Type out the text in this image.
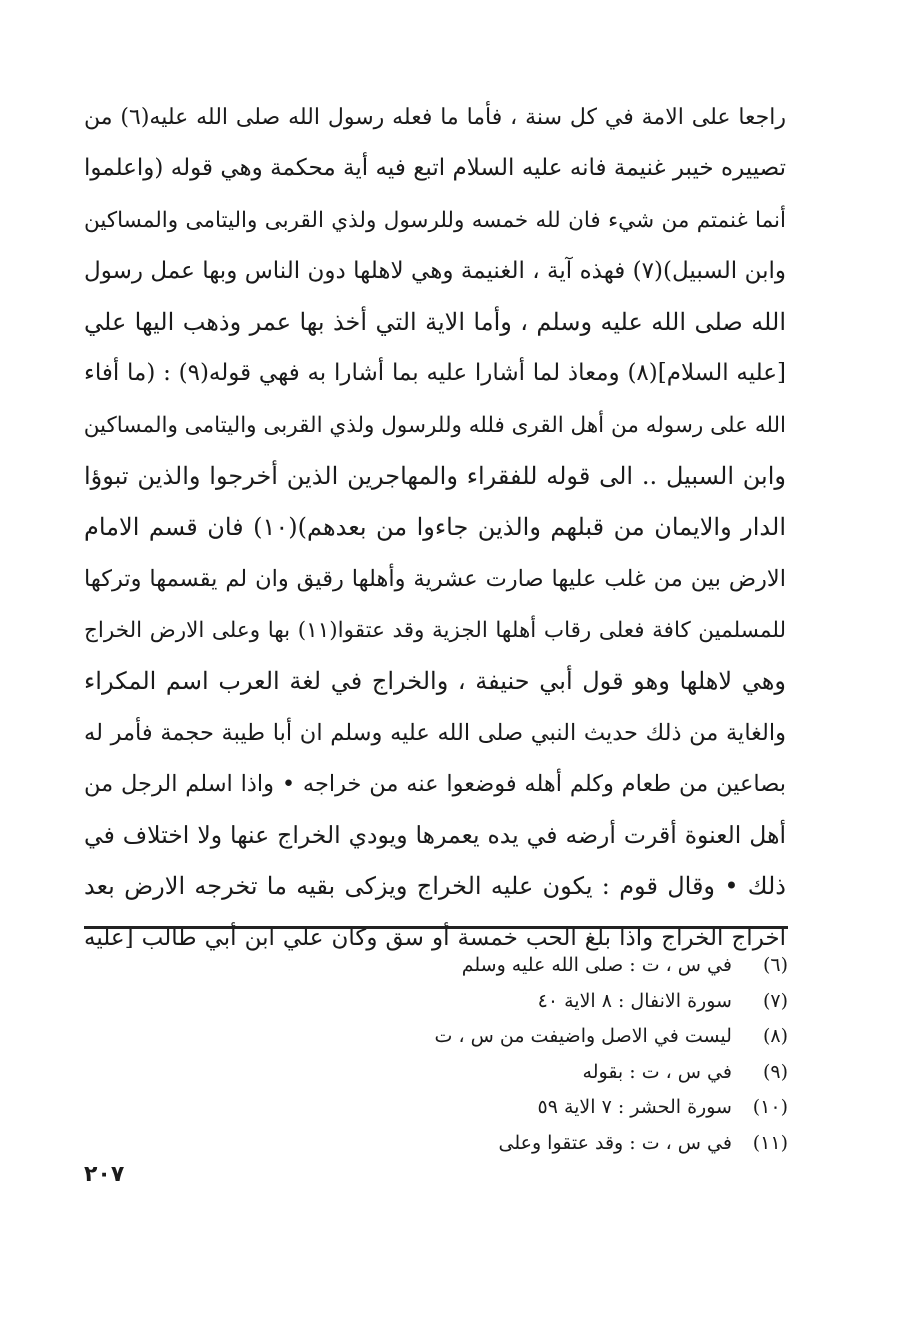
راجعا على الامة في كل سنة ، فأما ما فعله رسول الله صلى الله عليه(٦) من
تصييره خيبر غنيمة فانه عليه السلام اتبع فيه أية محكمة وهي قوله (واعلموا
أنما غنمتم من شيء فان لله خمسه وللرسول ولذي القربى واليتامى والمساكين
وابن السبيل)(٧) فهذه آية ، الغنيمة وهي لاهلها دون الناس وبها عمل رسول
الله صلى الله عليه وسلم ، وأما الاية التي أخذ بها عمر وذهب اليها علي
[عليه السلام](٨) ومعاذ لما أشارا عليه بما أشارا به فهي قوله(٩) : (ما أفاء
الله على رسوله من أهل القرى فلله وللرسول ولذي القربى واليتامى والمساكين
وابن السبيل .. الى قوله للفقراء والمهاجرين الذين أخرجوا والذين تبوؤا
الدار والايمان من قبلهم والذين جاءوا من بعدهم)(١٠) فان قسم الامام
الارض بين من غلب عليها صارت عشرية وأهلها رقيق وان لم يقسمها وتركها
للمسلمين كافة فعلى رقاب أهلها الجزية وقد عتقوا(١١) بها وعلى الارض الخراج
وهي لاهلها وهو قول أبي حنيفة ، والخراج في لغة العرب اسم المكراء
والغاية من ذلك حديث النبي صلى الله عليه وسلم ان أبا طيبة حجمة فأمر له
بصاعين من طعام وكلم أهله فوضعوا عنه من خراجه • واذا اسلم الرجل من
أهل العنوة أقرت أرضه في يده يعمرها ويودي الخراج عنها ولا اختلاف في
ذلك • وقال قوم : يكون عليه الخراج ويزكى بقيه ما تخرجه الارض بعد
اخراج الخراج واذا بلغ الحب خمسة أو سق وكان علي ابن أبي طالب [عليه
(٦) في س ، ت : صلى الله عليه وسلم
(٧) سورة الانفال : ٨ الاية ٤٠
(٨) ليست في الاصل واضيفت من س ، ت
(٩) في س ، ت : بقوله
(١٠) سورة الحشر : ٧ الاية ٥٩
(١١) في س ، ت : وقد عتقوا وعلى
٢٠٧
